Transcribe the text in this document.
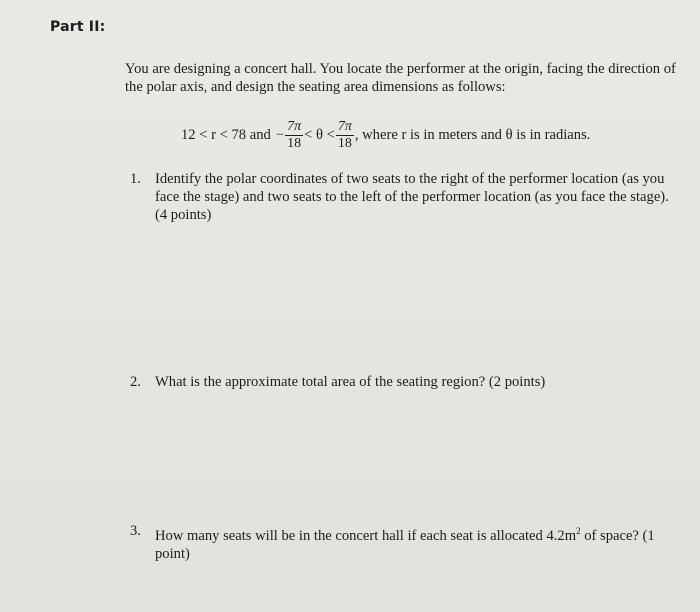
Part II:
You are designing a concert hall. You locate the performer at the origin, facing the direction of the polar axis, and design the seating area dimensions as follows:
12 < r < 78 and − $\frac{7\pi}{18} < \theta < \frac{7\pi}{18}$ , where r is in meters and θ is in radians.
1. Identify the polar coordinates of two seats to the right of the performer location (as you face the stage) and two seats to the left of the performer location (as you face the stage). (4 points)
2. What is the approximate total area of the seating region? (2 points)
3. How many seats will be in the concert hall if each seat is allocated $4.2m^2$ of space? (1 point)
